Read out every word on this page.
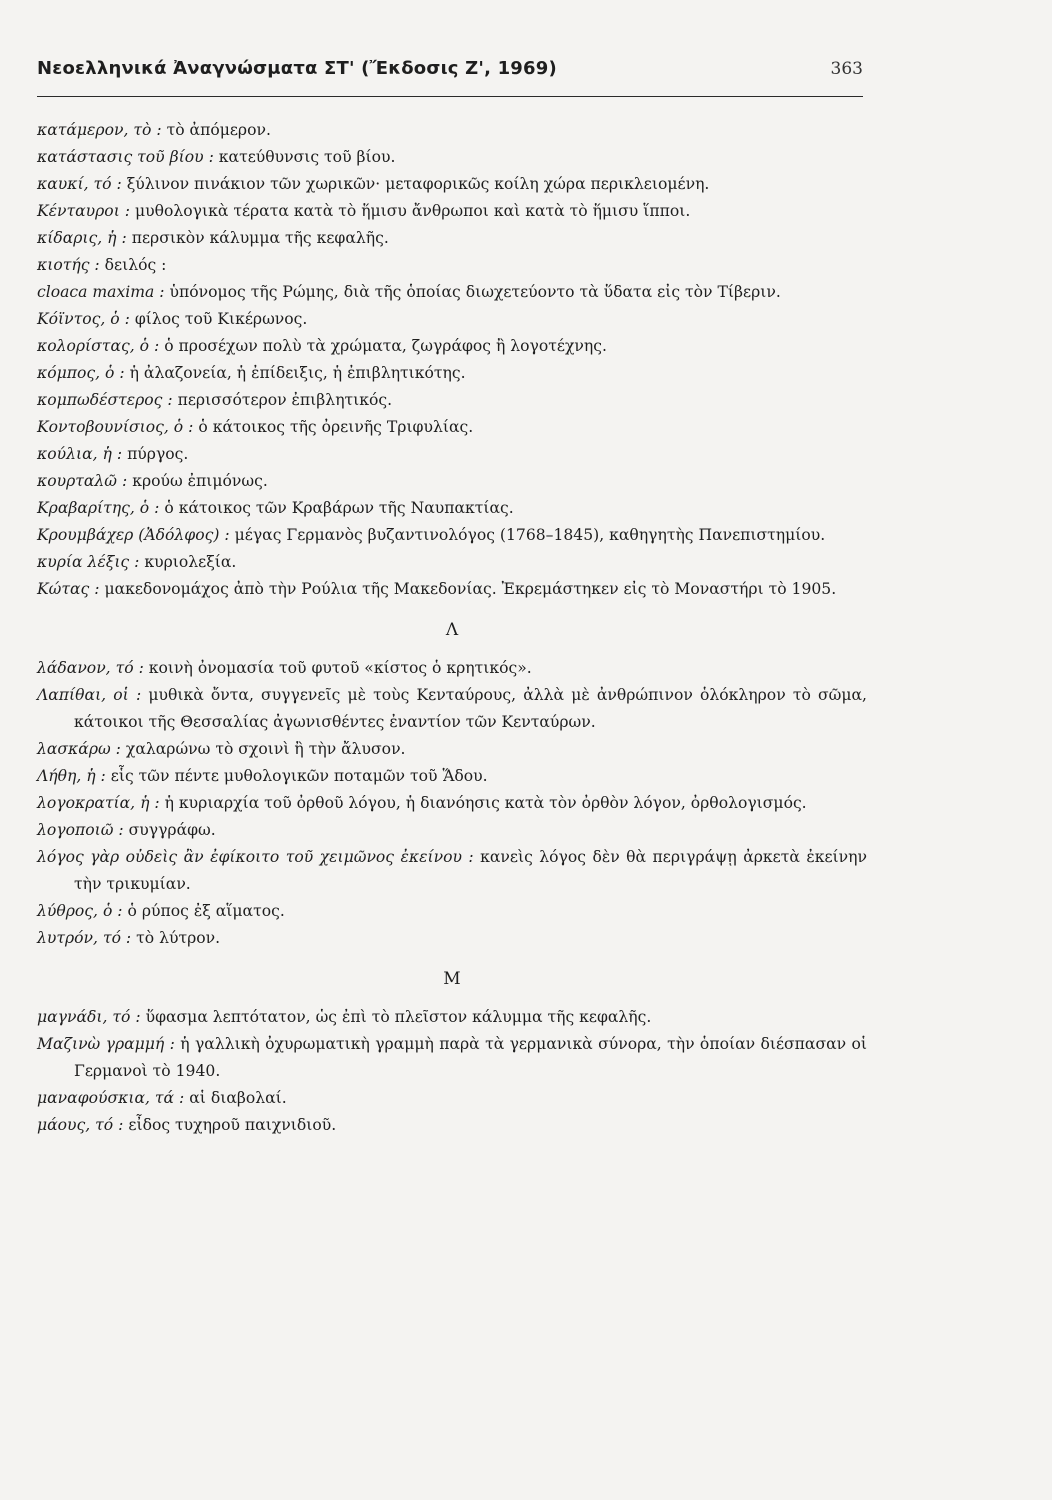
Νεοελληνικά Ἀναγνώσματα ΣΤ' (Ἔκδοσις Ζ', 1969)	363
κατάμερον, τὸ : τὸ ἀπόμερον.
κατάστασις τοῦ βίου : κατεύθυνσις τοῦ βίου.
καυκί, τό : ξύλινον πινάκιον τῶν χωρικῶν· μεταφορικῶς κοίλη χώρα περικλειομένη.
Κένταυροι : μυθολογικὰ τέρατα κατὰ τὸ ἥμισυ ἄνθρωποι καὶ κατὰ τὸ ἥμισυ ἵπποι.
κίδαρις, ἡ : περσικὸν κάλυμμα τῆς κεφαλῆς.
κιοτής : δειλός :
cloaca maxima : ὑπόνομος τῆς Ρώμης, διὰ τῆς ὁποίας διωχετεύοντο τὰ ὕδατα εἰς τὸν Τίβεριν.
Κόϊντος, ὁ : φίλος τοῦ Κικέρωνος.
κολορίστας, ὁ : ὁ προσέχων πολὺ τὰ χρώματα, ζωγράφος ἢ λογοτέχνης.
κόμπος, ὁ : ἡ ἀλαζονεία, ἡ ἐπίδειξις, ἡ ἐπιβλητικότης.
κομπωδέστερος : περισσότερον ἐπιβλητικός.
Κοντοβουνίσιος, ὁ : ὁ κάτοικος τῆς ὀρεινῆς Τριφυλίας.
κούλια, ἡ : πύργος.
κουρταλῶ : κρούω ἐπιμόνως.
Κραβαρίτης, ὁ : ὁ κάτοικος τῶν Κραβάρων τῆς Ναυπακτίας.
Κρουμβάχερ (Ἀδόλφος) : μέγας Γερμανὸς βυζαντινολόγος (1768–1845), καθηγητὴς Πανεπιστημίου.
κυρία λέξις : κυριολεξία.
Κώτας : μακεδονομάχος ἀπὸ τὴν Ρούλια τῆς Μακεδονίας. Ἐκρεμάστηκεν εἰς τὸ Μοναστήρι τὸ 1905.
Λ
λάδανον, τό : κοινὴ ὀνομασία τοῦ φυτοῦ «κίστος ὁ κρητικός».
Λαπίθαι, οἱ : μυθικὰ ὄντα, συγγενεῖς μὲ τοὺς Κενταύρους, ἀλλὰ μὲ ἀνθρώπινον ὁλόκληρον τὸ σῶμα, κάτοικοι τῆς Θεσσαλίας ἀγωνισθέντες ἐναντίον τῶν Κενταύρων.
λασκάρω : χαλαρώνω τὸ σχοινὶ ἢ τὴν ἄλυσον.
Λήθη, ἡ : εἷς τῶν πέντε μυθολογικῶν ποταμῶν τοῦ Ἅδου.
λογοκρατία, ἡ : ἡ κυριαρχία τοῦ ὀρθοῦ λόγου, ἡ διανόησις κατὰ τὸν ὀρθὸν λόγον, ὀρθολογισμός.
λογοποιῶ : συγγράφω.
λόγος γὰρ οὐδεὶς ἂν ἐφίκοιτο τοῦ χειμῶνος ἐκείνου : κανεὶς λόγος δὲν θὰ περιγράψῃ ἀρκετὰ ἐκείνην τὴν τρικυμίαν.
λύθρος, ὁ : ὁ ρύπος ἐξ αἵματος.
λυτρόν, τό : τὸ λύτρον.
Μ
μαγνάδι, τό : ὕφασμα λεπτότατον, ὡς ἐπὶ τὸ πλεῖστον κάλυμμα τῆς κεφαλῆς.
Μαζινὼ γραμμή : ἡ γαλλικὴ ὀχυρωματικὴ γραμμὴ παρὰ τὰ γερμανικὰ σύνορα, τὴν ὁποίαν διέσπασαν οἱ Γερμανοὶ τὸ 1940.
μαναφούσκια, τά : αἱ διαβολαί.
μάους, τό : εἶδος τυχηροῦ παιχνιδιοῦ.
